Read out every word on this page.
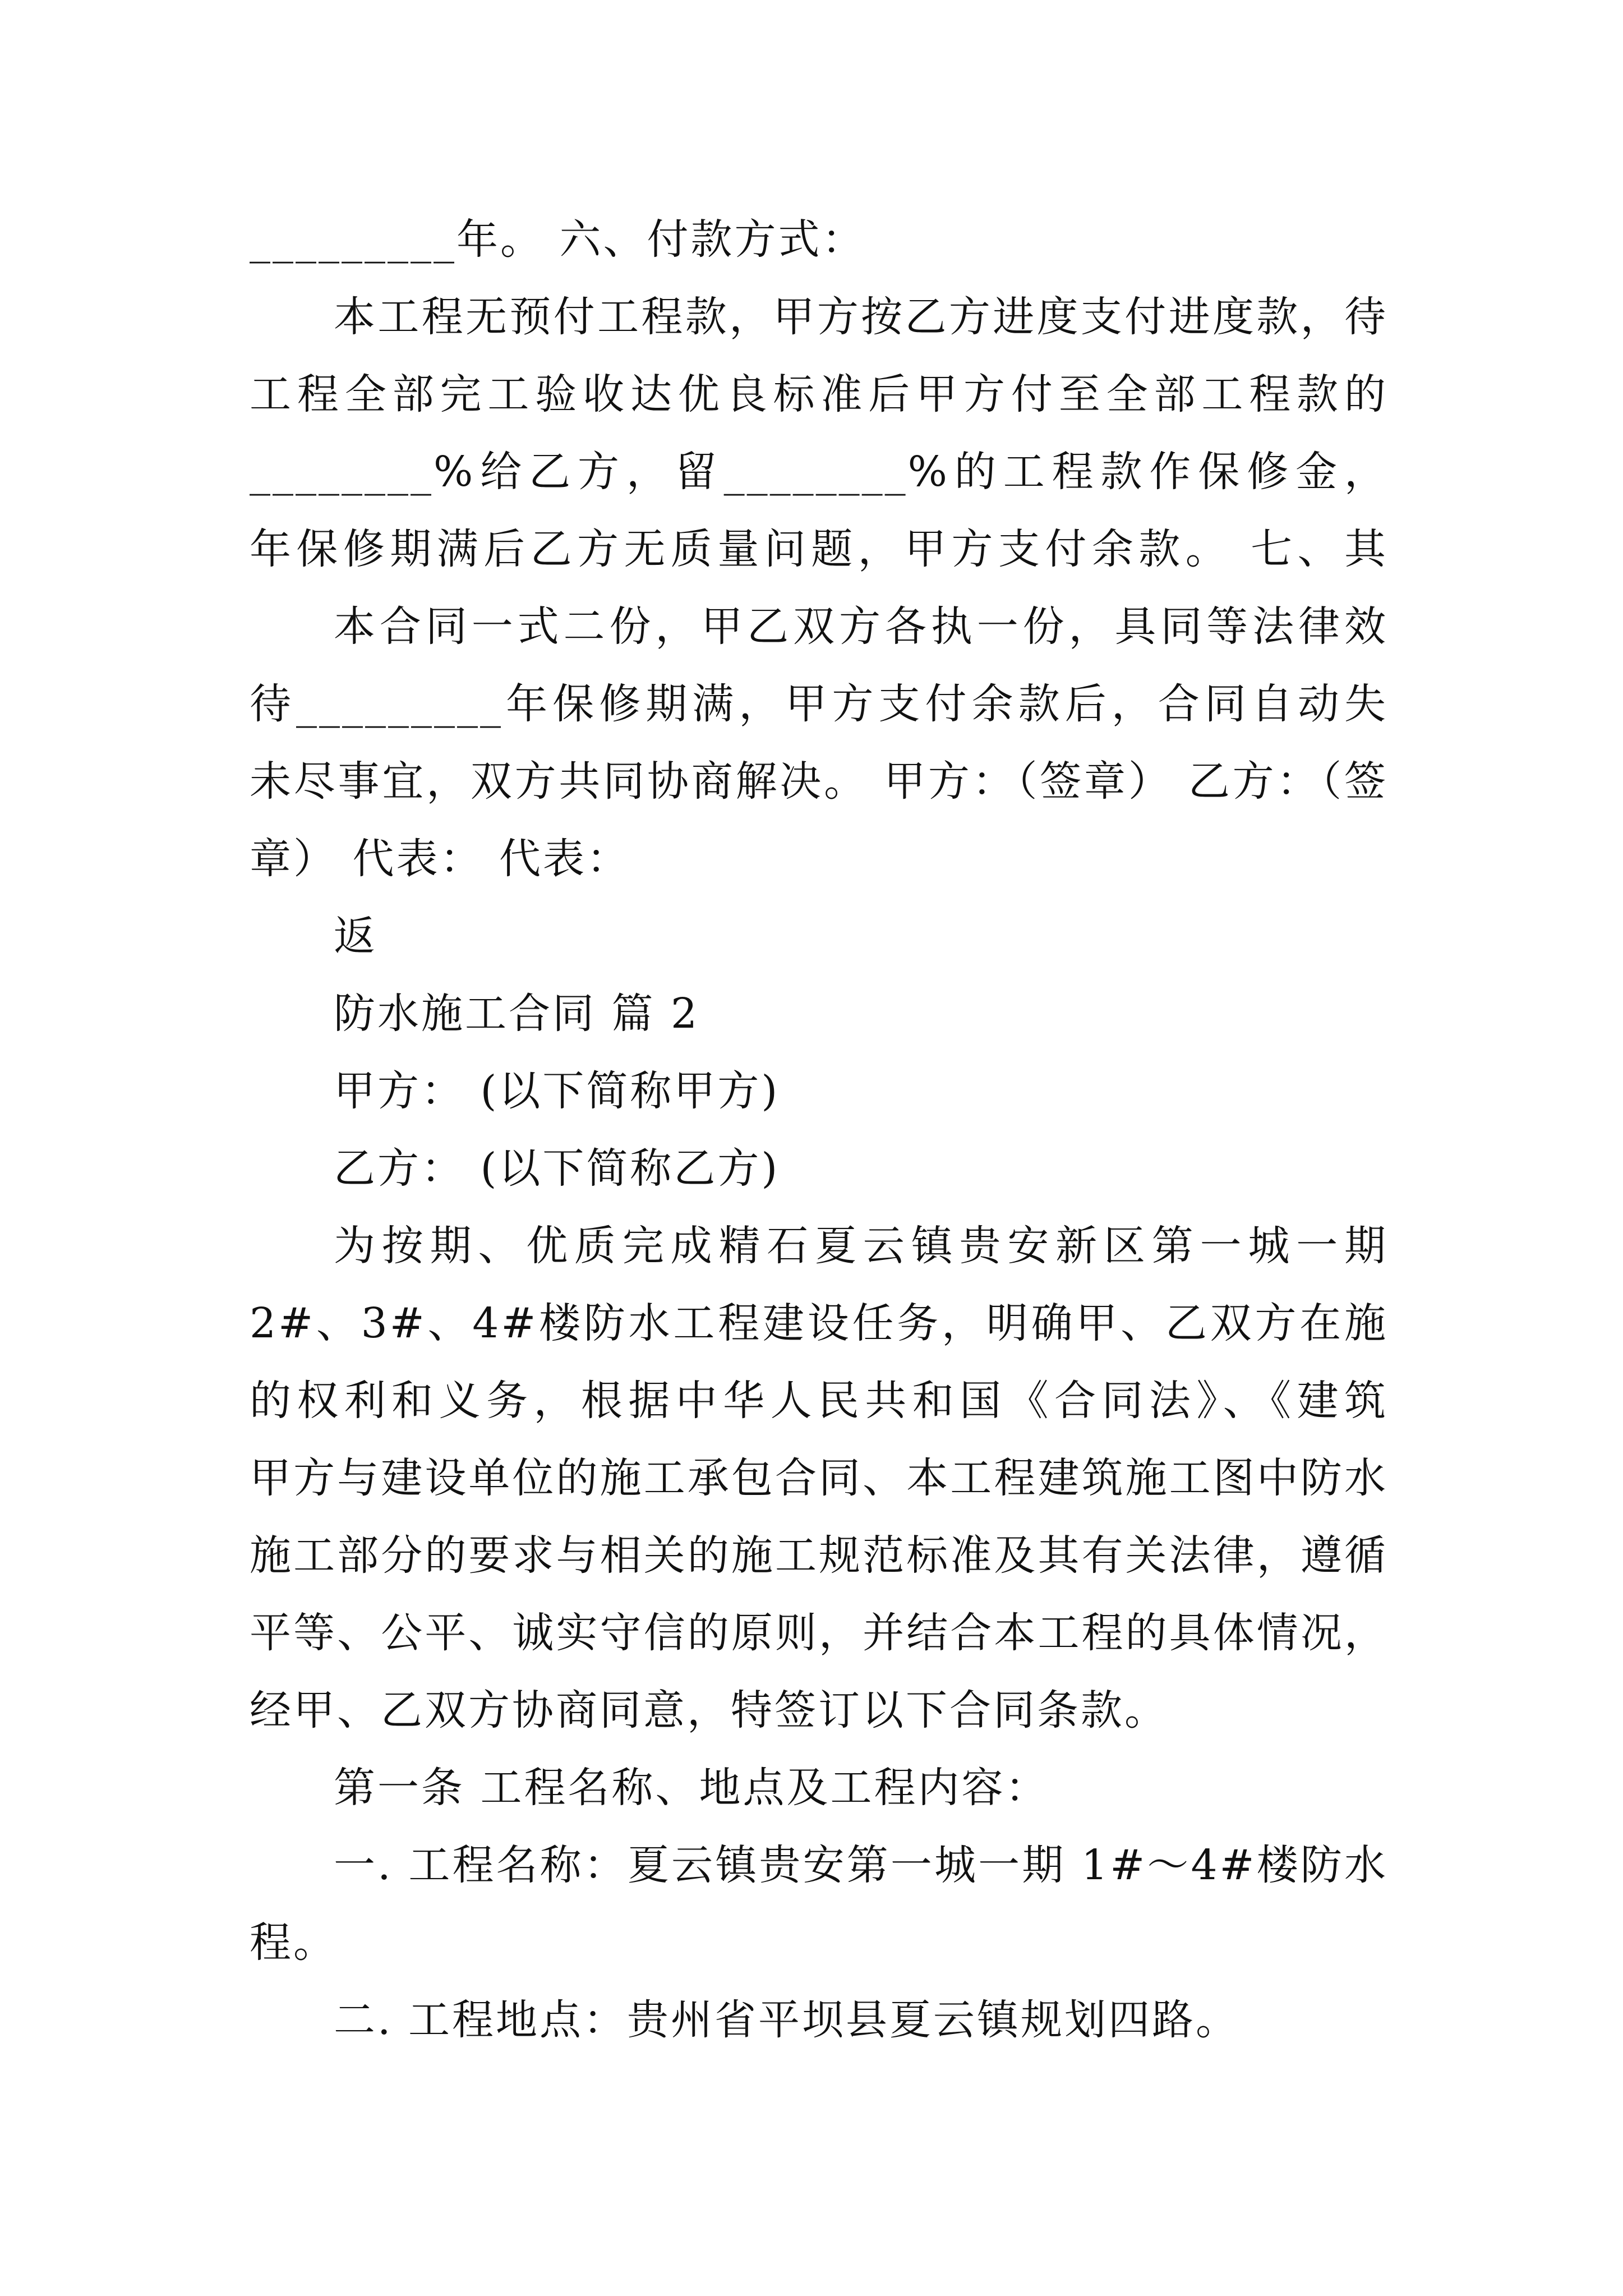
_________年。 六、付款方式：
本工程无预付工程款，甲方按乙方进度支付进度款，待
工程全部完工验收达优良标准后甲方付至全部工程款的
________%给乙方，留________%的工程款作保修金，
年保修期满后乙方无质量问题，甲方支付余款。 七、其
本合同一式二份，甲乙双方各执一份，具同等法律效
待_________年保修期满，甲方支付余款后，合同自动失
未尽事宜，双方共同协商解决。 甲方：（签章） 乙方：（签
章） 代表： 代表：
返
防水施工合同 篇 2
甲方： (以下简称甲方)
乙方： (以下简称乙方)
为按期、优质完成精石夏云镇贵安新区第一城一期
2#、3#、4#楼防水工程建设任务，明确甲、乙双方在施
的权利和义务，根据中华人民共和国《合同法》、《建筑
甲方与建设单位的施工承包合同、本工程建筑施工图中防水
施工部分的要求与相关的施工规范标准及其有关法律，遵循
平等、公平、诚实守信的原则，并结合本工程的具体情况，
经甲、乙双方协商同意，特签订以下合同条款。
第一条 工程名称、地点及工程内容：
一. 工程名称：夏云镇贵安第一城一期 1#～4#楼防水
程。
二. 工程地点：贵州省平坝县夏云镇规划四路。
